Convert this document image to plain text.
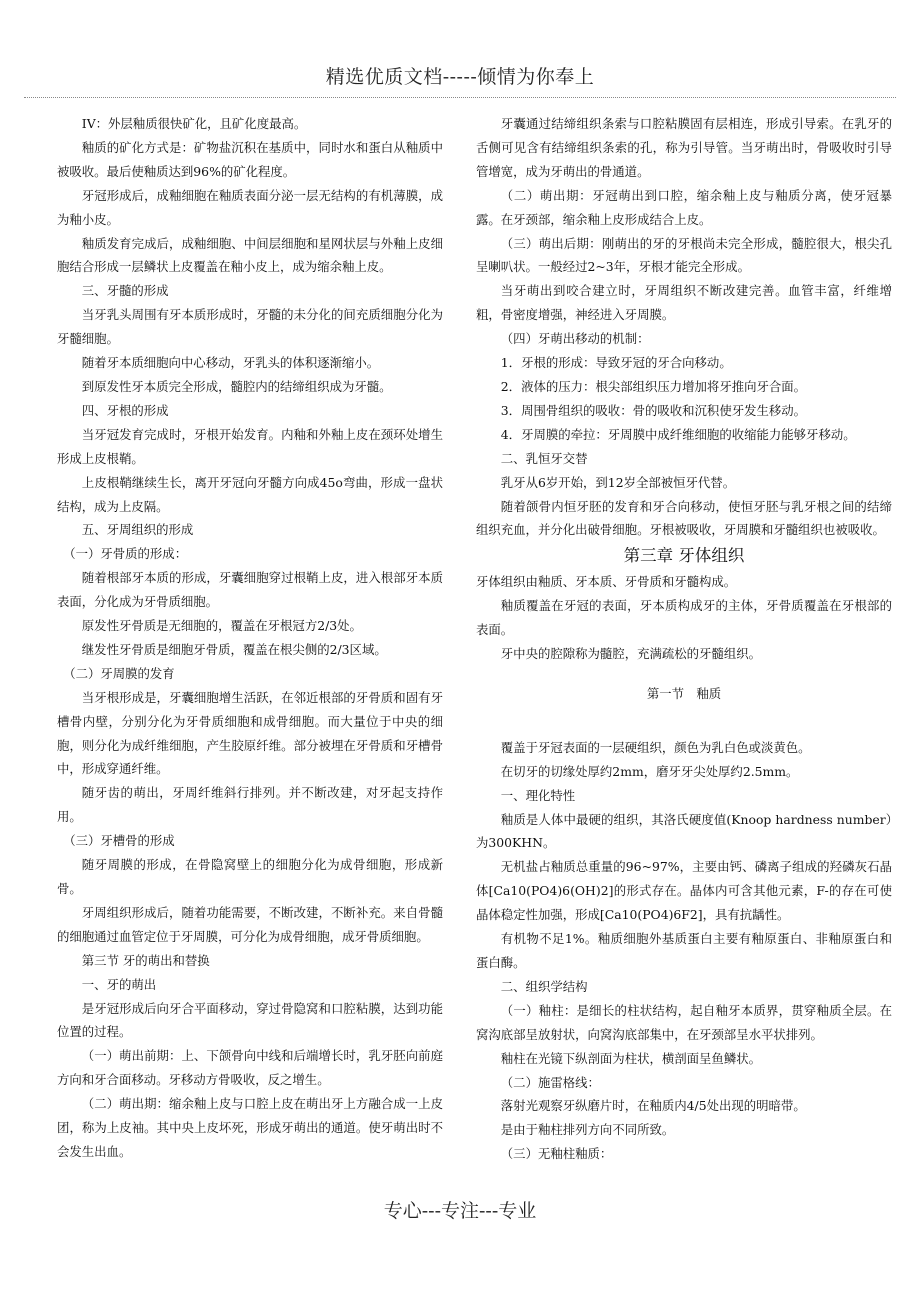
精选优质文档-----倾情为你奉上

IV：外层釉质很快矿化，且矿化度最高。

釉质的矿化方式是：矿物盐沉积在基质中，同时水和蛋白从釉质中被吸收。最后使釉质达到96%的矿化程度。

牙冠形成后，成釉细胞在釉质表面分泌一层无结构的有机薄膜，成为釉小皮。

釉质发育完成后，成釉细胞、中间层细胞和星网状层与外釉上皮细胞结合形成一层鳞状上皮覆盖在釉小皮上，成为缩余釉上皮。

三、牙髓的形成

当牙乳头周围有牙本质形成时，牙髓的未分化的间充质细胞分化为牙髓细胞。

随着牙本质细胞向中心移动，牙乳头的体积逐渐缩小。

到原发性牙本质完全形成，髓腔内的结缔组织成为牙髓。

四、牙根的形成

当牙冠发育完成时，牙根开始发育。内釉和外釉上皮在颈环处增生形成上皮根鞘。

上皮根鞘继续生长，离开牙冠向牙髓方向成45o弯曲，形成一盘状结构，成为上皮隔。

五、牙周组织的形成

（一）牙骨质的形成：

随着根部牙本质的形成，牙囊细胞穿过根鞘上皮，进入根部牙本质表面，分化成为牙骨质细胞。

原发性牙骨质是无细胞的，覆盖在牙根冠方2/3处。

继发性牙骨质是细胞牙骨质，覆盖在根尖侧的2/3区域。

（二）牙周膜的发育

当牙根形成是，牙囊细胞增生活跃，在邻近根部的牙骨质和固有牙槽骨内壁，分别分化为牙骨质细胞和成骨细胞。而大量位于中央的细胞，则分化为成纤维细胞，产生胶原纤维。部分被埋在牙骨质和牙槽骨中，形成穿通纤维。

随牙齿的萌出，牙周纤维斜行排列。并不断改建，对牙起支持作用。

（三）牙槽骨的形成

随牙周膜的形成，在骨隐窝壁上的细胞分化为成骨细胞，形成新骨。

牙周组织形成后，随着功能需要，不断改建，不断补充。来自骨髓的细胞通过血管定位于牙周膜，可分化为成骨细胞，成牙骨质细胞。

第三节 牙的萌出和替换

一、牙的萌出

是牙冠形成后向牙合平面移动，穿过骨隐窝和口腔粘膜，达到功能位置的过程。

（一）萌出前期：上、下颌骨向中线和后端增长时，乳牙胚向前庭方向和牙合面移动。牙移动方骨吸收，反之增生。

（二）萌出期：缩余釉上皮与口腔上皮在萌出牙上方融合成一上皮团，称为上皮袖。其中央上皮坏死，形成牙萌出的通道。使牙萌出时不会发生出血。

牙囊通过结缔组织条索与口腔粘膜固有层相连，形成引导索。在乳牙的舌侧可见含有结缔组织条索的孔，称为引导管。当牙萌出时，骨吸收时引导管增宽，成为牙萌出的骨通道。

（二）萌出期：牙冠萌出到口腔，缩余釉上皮与釉质分离，使牙冠暴露。在牙颈部，缩余釉上皮形成结合上皮。

（三）萌出后期：刚萌出的牙的牙根尚未完全形成，髓腔很大，根尖孔呈喇叭状。一般经过2~3年，牙根才能完全形成。

当牙萌出到咬合建立时，牙周组织不断改建完善。血管丰富，纤维增粗，骨密度增强，神经进入牙周膜。

（四）牙萌出移动的机制：

1．牙根的形成：导致牙冠的牙合向移动。

2．液体的压力：根尖部组织压力增加将牙推向牙合面。

3．周围骨组织的吸收：骨的吸收和沉积使牙发生移动。

4．牙周膜的牵拉：牙周膜中成纤维细胞的收缩能力能够牙移动。

二、乳恒牙交替

乳牙从6岁开始，到12岁全部被恒牙代替。

随着颌骨内恒牙胚的发育和牙合向移动，使恒牙胚与乳牙根之间的结缔组织充血，并分化出破骨细胞。牙根被吸收，牙周膜和牙髓组织也被吸收。

第三章 牙体组织

牙体组织由釉质、牙本质、牙骨质和牙髓构成。

釉质覆盖在牙冠的表面，牙本质构成牙的主体，牙骨质覆盖在牙根部的表面。

牙中央的腔隙称为髓腔，充满疏松的牙髓组织。

第一节　釉质

覆盖于牙冠表面的一层硬组织，颜色为乳白色或淡黄色。

在切牙的切缘处厚约2mm，磨牙牙尖处厚约2.5mm。

一、理化特性

釉质是人体中最硬的组织，其洛氏硬度值(Knoop hardness number）为300KHN。

无机盐占釉质总重量的96~97%，主要由钙、磷离子组成的羟磷灰石晶体[Ca10(PO4)6(OH)2]的形式存在。晶体内可含其他元素，F-的存在可使晶体稳定性加强，形成[Ca10(PO4)6F2]，具有抗龋性。

有机物不足1%。釉质细胞外基质蛋白主要有釉原蛋白、非釉原蛋白和蛋白酶。

二、组织学结构

（一）釉柱：是细长的柱状结构，起自釉牙本质界，贯穿釉质全层。在窝沟底部呈放射状，向窝沟底部集中，在牙颈部呈水平状排列。

釉柱在光镜下纵剖面为柱状，横剖面呈鱼鳞状。

（二）施雷格线：

落射光观察牙纵磨片时，在釉质内4/5处出现的明暗带。

是由于釉柱排列方向不同所致。

（三）无釉柱釉质：

专心---专注---专业
